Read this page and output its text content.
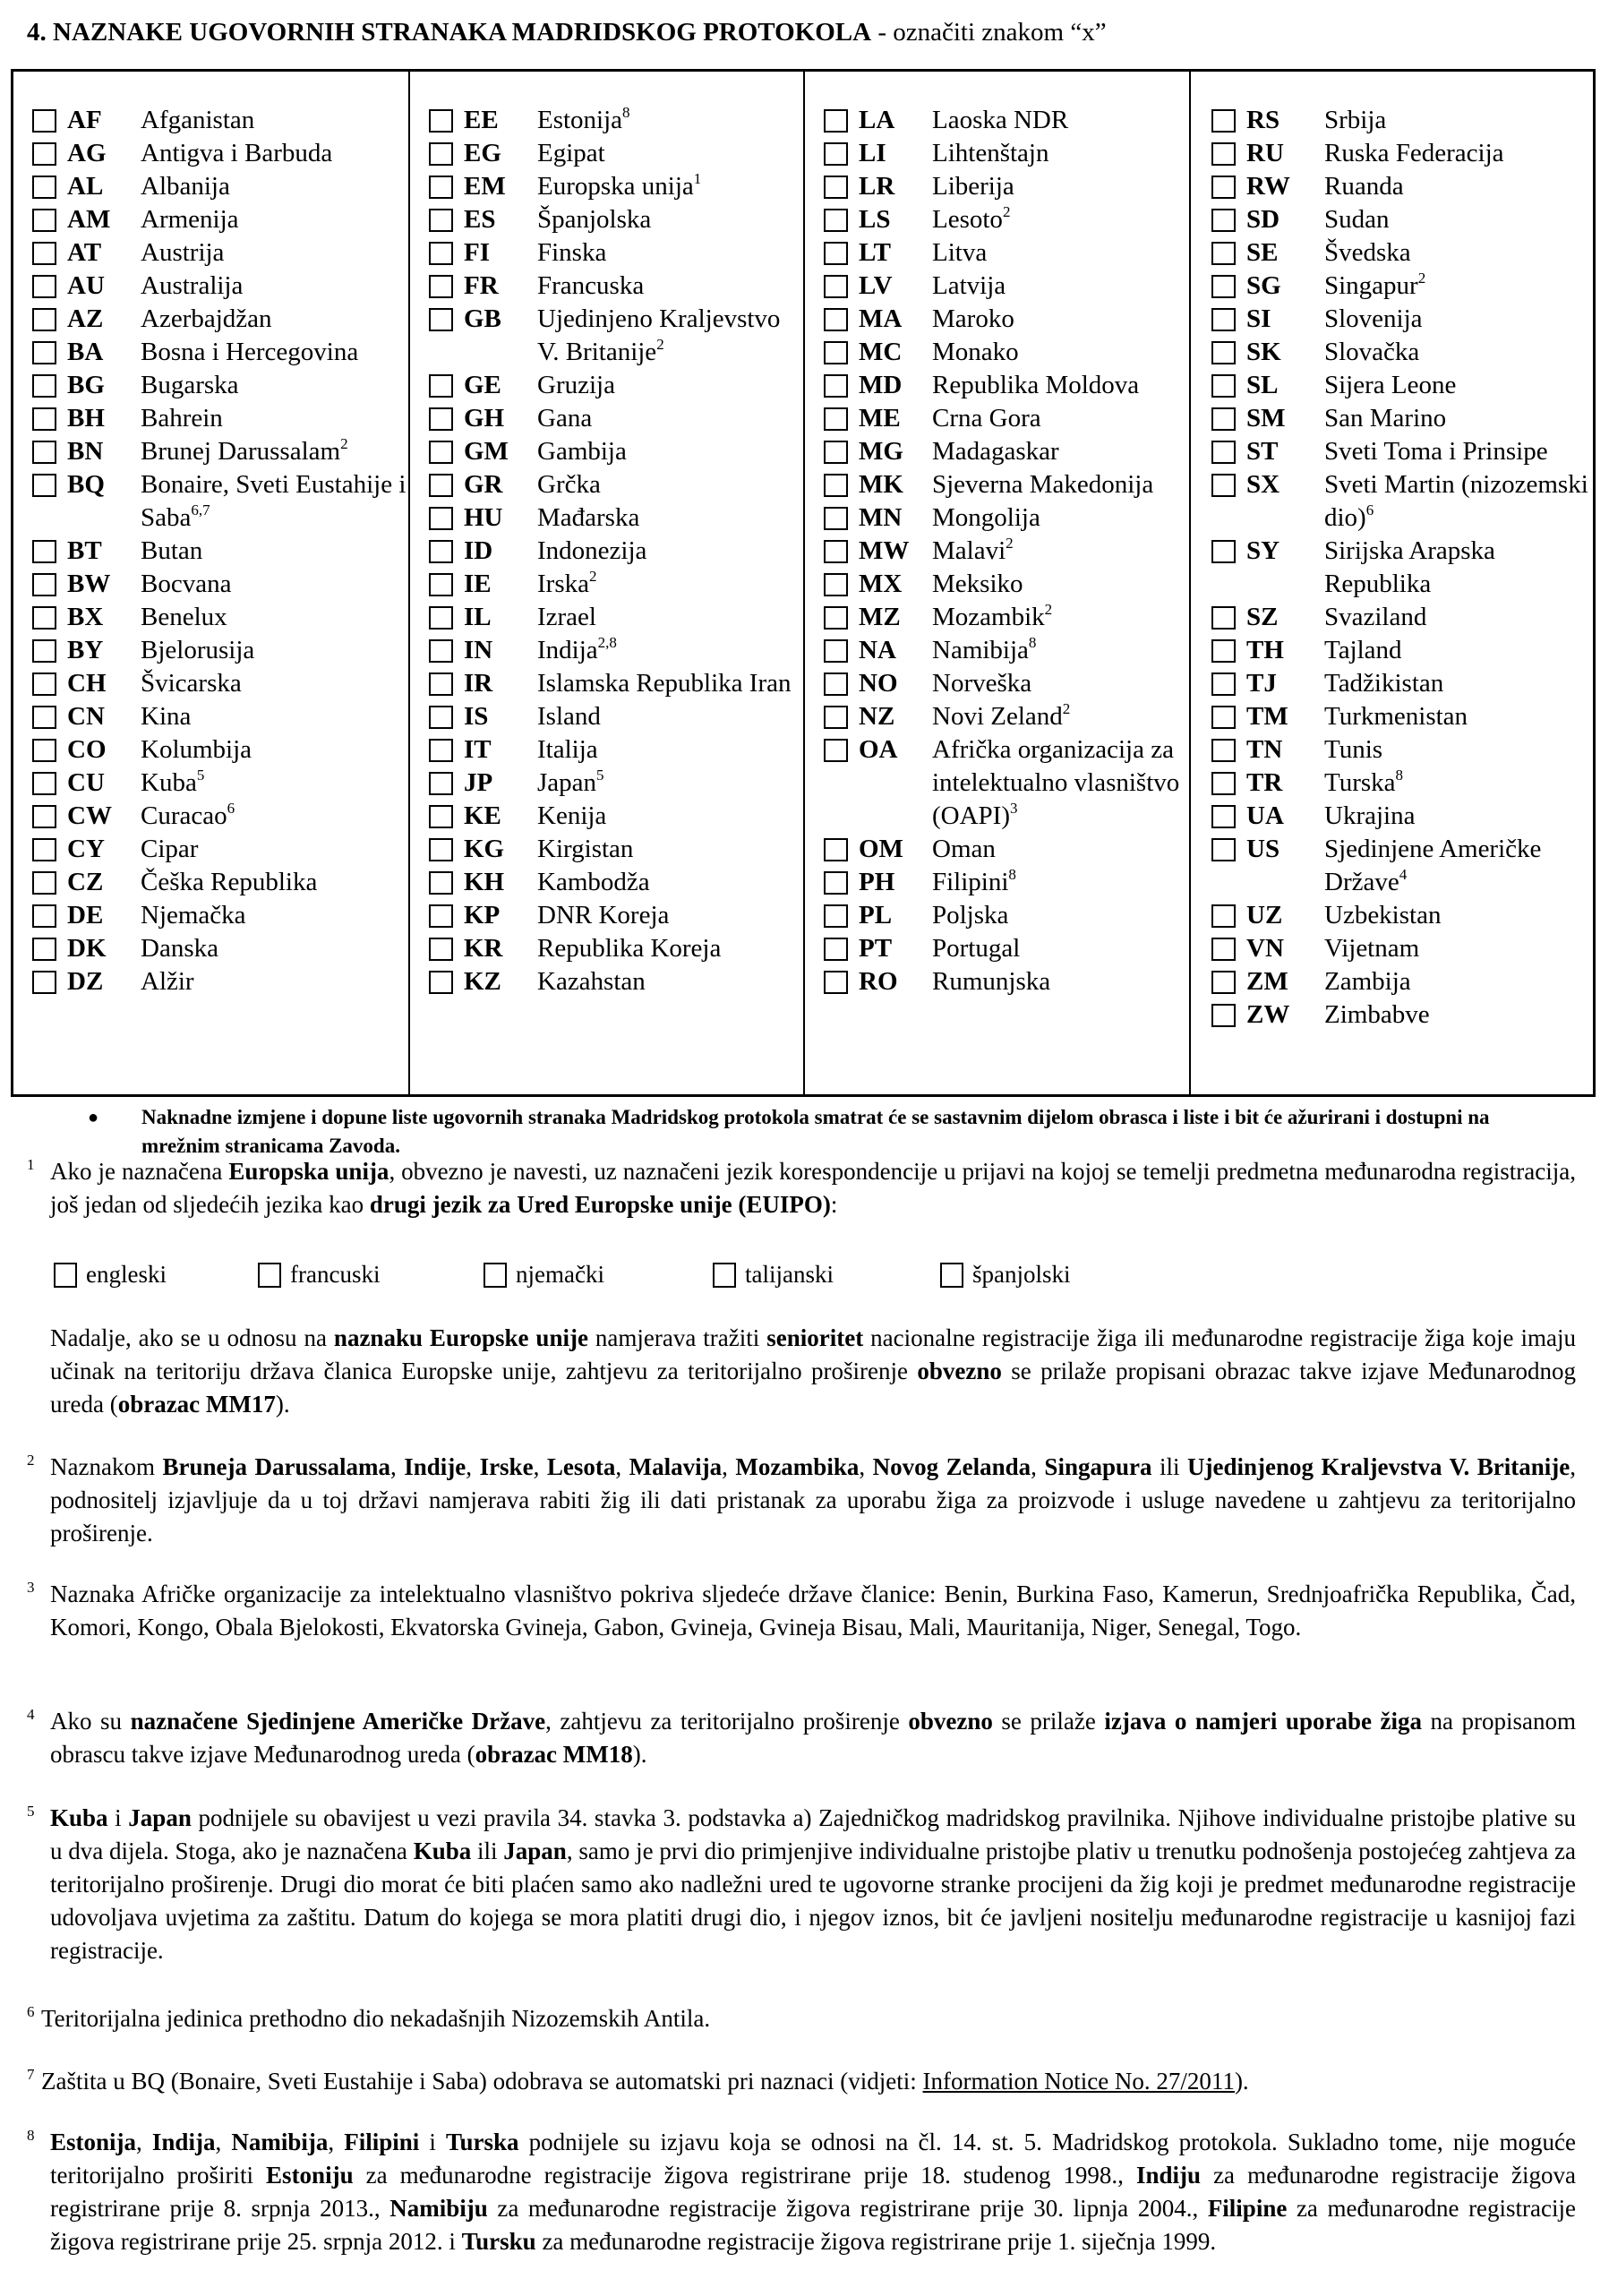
4. NAZNAKE UGOVORNIH STRANAKA MADRIDSKOG PROTOKOLA - označiti znakom “x”
AF	Afganistan
AG	Antigva i Barbuda
AL	Albanija
AM	Armenija
AT	Austrija
AU	Australija
AZ	Azerbajdžan
BA	Bosna i Hercegovina
BG	Bugarska
BH	Bahrein
BN	Brunej Darussalam$^2$
BQ	Bonaire, Sveti Eustahije i Saba$^{6,7}$
BT	Butan
BW	Bocvana
BX	Benelux
BY	Bjelorusija
CH	Švicarska
CN	Kina
CO	Kolumbija
CU	Kuba$^5$
CW	Curacao$^6$
CY	Cipar
CZ	Češka Republika
DE	Njemačka
DK	Danska
DZ	Alžir
EE	Estonija$^8$
EG	Egipat
EM	Europska unija$^1$
ES	Španjolska
FI	Finska
FR	Francuska
GB	Ujedinjeno Kraljevstvo V. Britanije$^2$
GE	Gruzija
GH	Gana
GM	Gambija
GR	Grčka
HU	Mađarska
ID	Indonezija
IE	Irska$^2$
IL	Izrael
IN	Indija$^{2,8}$
IR	Islamska Republika Iran
IS	Island
IT	Italija
JP	Japan$^5$
KE	Kenija
KG	Kirgistan
KH	Kambodža
KP	DNR Koreja
KR	Republika Koreja
KZ	Kazahstan
LA	Laoska NDR
LI	Lihtenštajn
LR	Liberija
LS	Lesoto$^2$
LT	Litva
LV	Latvija
MA	Maroko
MC	Monako
MD	Republika Moldova
ME	Crna Gora
MG	Madagaskar
MK	Sjeverna Makedonija
MN	Mongolija
MW Malavi$^2$
MX	Meksiko
MZ	Mozambik$^2$
NA	Namibija$^8$
NO	Norveška
NZ	Novi Zeland$^2$
OA	Afrička organizacija za intelektualno vlasništvo (OAPI)$^3$
OM	Oman
PH	Filipini$^8$
PL	Poljska
PT	Portugal
RO	Rumunjska
RS	Srbija
RU	Ruska Federacija
RW	Ruanda
SD	Sudan
SE	Švedska
SG	Singapur$^2$
SI	Slovenija
SK	Slovačka
SL	Sijera Leone
SM	San Marino
ST	Sveti Toma i Prinsipe
SX	Sveti Martin (nizozemski dio)$^6$
SY	Sirijska Arapska Republika
SZ	Svaziland
TH	Tajland
TJ	Tadžikistan
TM	Turkmenistan
TN	Tunis
TR	Turska$^8$
UA	Ukrajina
US	Sjedinjene Američke Države$^4$
UZ	Uzbekistan
VN	Vijetnam
ZM	Zambija
ZW	Zimbabve
●	Naknadne izmjene i dopune liste ugovornih stranaka Madridskog protokola smatrat će se sastavnim dijelom obrasca i liste i bit će ažurirani i dostupni na mrežnim stranicama Zavoda.
1 Ako je naznačena Europska unija, obvezno je navesti, uz naznačeni jezik korespondencije u prijavi na kojoj se temelji predmetna međunarodna registracija, još jedan od sljedećih jezika kao drugi jezik za Ured Europske unije (EUIPO):
engleski	francuski	njemački	talijanski	španjolski
Nadalje, ako se u odnosu na naznaku Europske unije namjerava tražiti senioritet nacionalne registracije žiga ili međunarodne registracije žiga koje imaju učinak na teritoriju država članica Europske unije, zahtjevu za teritorijalno proširenje obvezno se prilaže propisani obrazac takve izjave Međunarodnog ureda (obrazac MM17).
2 Naznakom Bruneja Darussalama, Indije, Irske, Lesota, Malavija, Mozambika, Novog Zelanda, Singapura ili Ujedinjenog Kraljevstva V. Britanije, podnositelj izjavljuje da u toj državi namjerava rabiti žig ili dati pristanak za uporabu žiga za proizvode i usluge navedene u zahtjevu za teritorijalno proširenje.
3 Naznaka Afričke organizacije za intelektualno vlasništvo pokriva sljedeće države članice: Benin, Burkina Faso, Kamerun, Srednjoafrička Republika, Čad, Komori, Kongo, Obala Bjelokosti, Ekvatorska Gvineja, Gabon, Gvineja, Gvineja Bisau, Mali, Mauritanija, Niger, Senegal, Togo.
4 Ako su naznačene Sjedinjene Američke Države, zahtjevu za teritorijalno proširenje obvezno se prilaže izjava o namjeri uporabe žiga na propisanom obrascu takve izjave Međunarodnog ureda (obrazac MM18).
5 Kuba i Japan podnijele su obavijest u vezi pravila 34. stavka 3. podstavka a) Zajedničkog madridskog pravilnika. Njihove individualne pristojbe plative su u dva dijela. Stoga, ako je naznačena Kuba ili Japan, samo je prvi dio primjenjive individualne pristojbe plativ u trenutku podnošenja postojećeg zahtjeva za teritorijalno proširenje. Drugi dio morat će biti plaćen samo ako nadležni ured te ugovorne stranke procijeni da žig koji je predmet međunarodne registracije udovoljava uvjetima za zaštitu. Datum do kojega se mora platiti drugi dio, i njegov iznos, bit će javljeni nositelju međunarodne registracije u kasnijoj fazi registracije.
6 Teritorijalna jedinica prethodno dio nekadašnjih Nizozemskih Antila.
7 Zaštita u BQ (Bonaire, Sveti Eustahije i Saba) odobrava se automatski pri naznaci (vidjeti: Information Notice No. 27/2011).
8 Estonija, Indija, Namibija, Filipini i Turska podnijele su izjavu koja se odnosi na čl. 14. st. 5. Madridskog protokola. Sukladno tome, nije moguće teritorijalno proširiti Estoniju za međunarodne registracije žigova registrirane prije 18. studenog 1998., Indiju za međunarodne registracije žigova registrirane prije 8. srpnja 2013., Namibiju za međunarodne registracije žigova registrirane prije 30. lipnja 2004., Filipine za međunarodne registracije žigova registrirane prije 25. srpnja 2012. i Tursku za međunarodne registracije žigova registrirane prije 1. siječnja 1999.
